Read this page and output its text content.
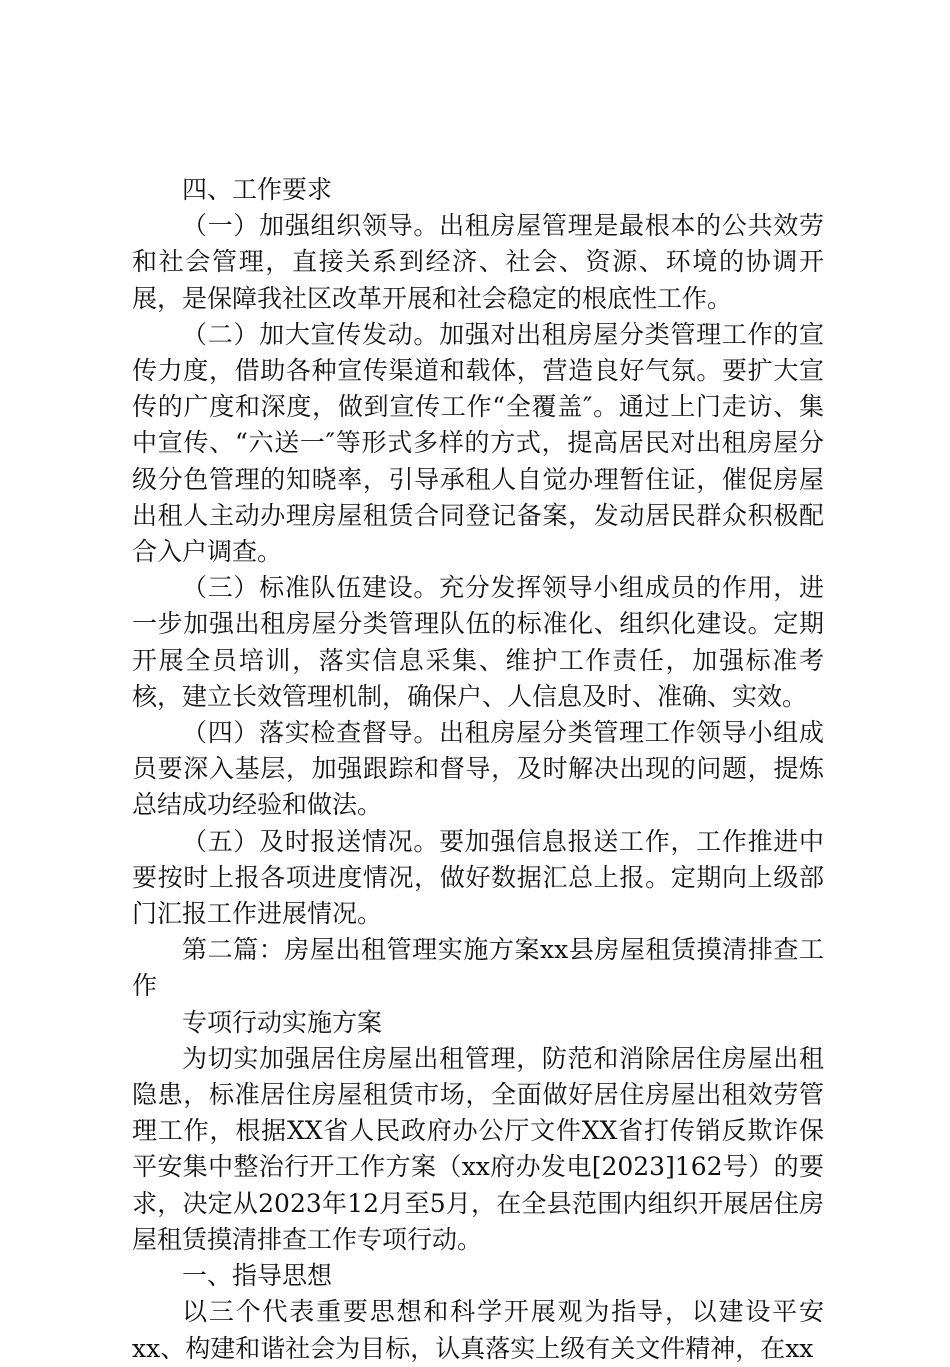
四、工作要求

（一）加强组织领导。出租房屋管理是最根本的公共效劳和社会管理，直接关系到经济、社会、资源、环境的协调开展，是保障我社区改革开展和社会稳定的根底性工作。

（二）加大宣传发动。加强对出租房屋分类管理工作的宣传力度，借助各种宣传渠道和载体，营造良好气氛。要扩大宣传的广度和深度，做到宣传工作“全覆盖″。通过上门走访、集中宣传、“六送一″等形式多样的方式，提高居民对出租房屋分级分色管理的知晓率，引导承租人自觉办理暂住证，催促房屋出租人主动办理房屋租赁合同登记备案，发动居民群众积极配合入户调查。

（三）标准队伍建设。充分发挥领导小组成员的作用，进一步加强出租房屋分类管理队伍的标准化、组织化建设。定期开展全员培训，落实信息采集、维护工作责任，加强标准考核，建立长效管理机制，确保户、人信息及时、准确、实效。

（四）落实检查督导。出租房屋分类管理工作领导小组成员要深入基层，加强跟踪和督导，及时解决出现的问题，提炼总结成功经验和做法。

（五）及时报送情况。要加强信息报送工作，工作推进中要按时上报各项进度情况，做好数据汇总上报。定期向上级部门汇报工作进展情况。

第二篇：房屋出租管理实施方案xx县房屋租赁摸清排查工作

专项行动实施方案

为切实加强居住房屋出租管理，防范和消除居住房屋出租隐患，标准居住房屋租赁市场，全面做好居住房屋出租效劳管理工作，根据XX省人民政府办公厅文件XX省打传销反欺诈保平安集中整治行开工作方案（xx府办发电[2023]162号）的要求，决定从2023年12月至5月，在全县范围内组织开展居住房屋租赁摸清排查工作专项行动。

一、指导思想

以三个代表重要思想和科学开展观为指导，以建设平安xx、构建和谐社会为目标，认真落实上级有关文件精神，在xx
